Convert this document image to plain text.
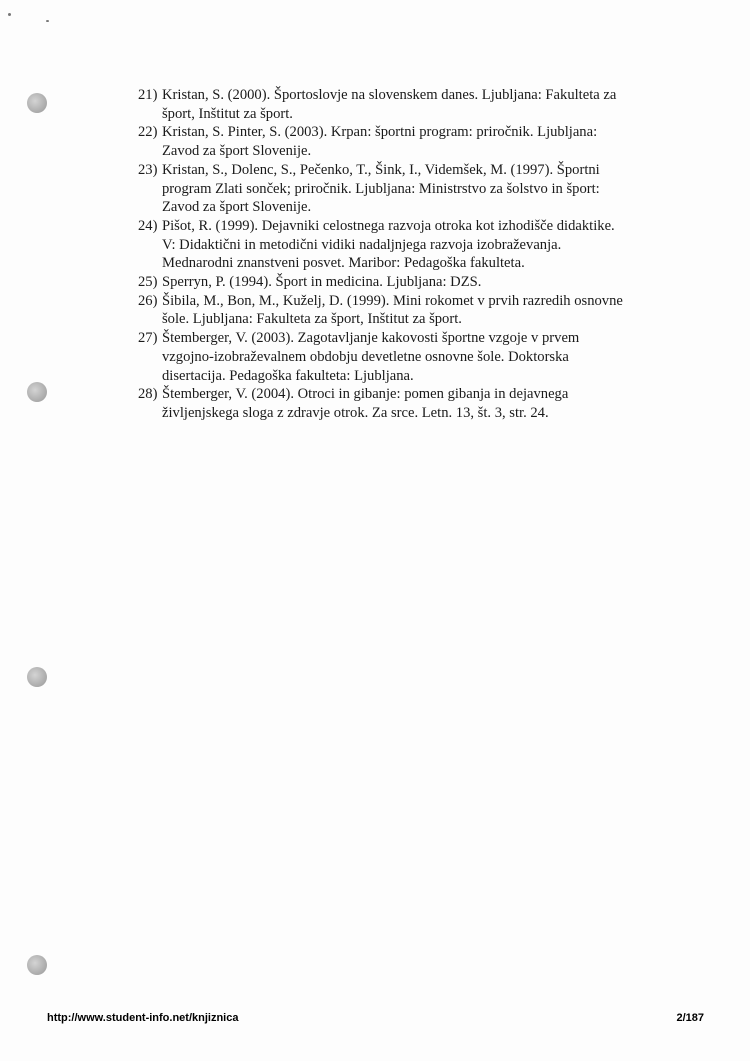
21) Kristan, S. (2000). Športoslovje na slovenskem danes. Ljubljana: Fakulteta za
šport, Inštitut za šport.
22) Kristan, S. Pinter, S. (2003). Krpan: športni program: priročnik. Ljubljana:
Zavod za šport Slovenije.
23) Kristan, S., Dolenc, S., Pečenko, T., Šink, I., Videmšek, M. (1997). Športni
program Zlati sonček; priročnik. Ljubljana: Ministrstvo za šolstvo in šport:
Zavod za šport Slovenije.
24) Pišot, R. (1999). Dejavniki celostnega razvoja otroka kot izhodišče didaktike.
V: Didaktični in metodični vidiki nadaljnjega razvoja izobraževanja.
Mednarodni znanstveni posvet. Maribor: Pedagoška fakulteta.
25) Sperryn, P. (1994). Šport in medicina. Ljubljana: DZS.
26) Šibila, M., Bon, M., Kuželj, D. (1999). Mini rokomet v prvih razredih osnovne
šole. Ljubljana: Fakulteta za šport, Inštitut za šport.
27) Štemberger, V. (2003). Zagotavljanje kakovosti športne vzgoje v prvem
vzgojno-izobraževalnem obdobju devetletne osnovne šole. Doktorska
disertacija. Pedagoška fakulteta: Ljubljana.
28) Štemberger, V. (2004). Otroci in gibanje: pomen gibanja in dejavnega
življenjskega sloga z zdravje otrok. Za srce. Letn. 13, št. 3, str. 24.
http://www.student-info.net/knjiznica	2/187
